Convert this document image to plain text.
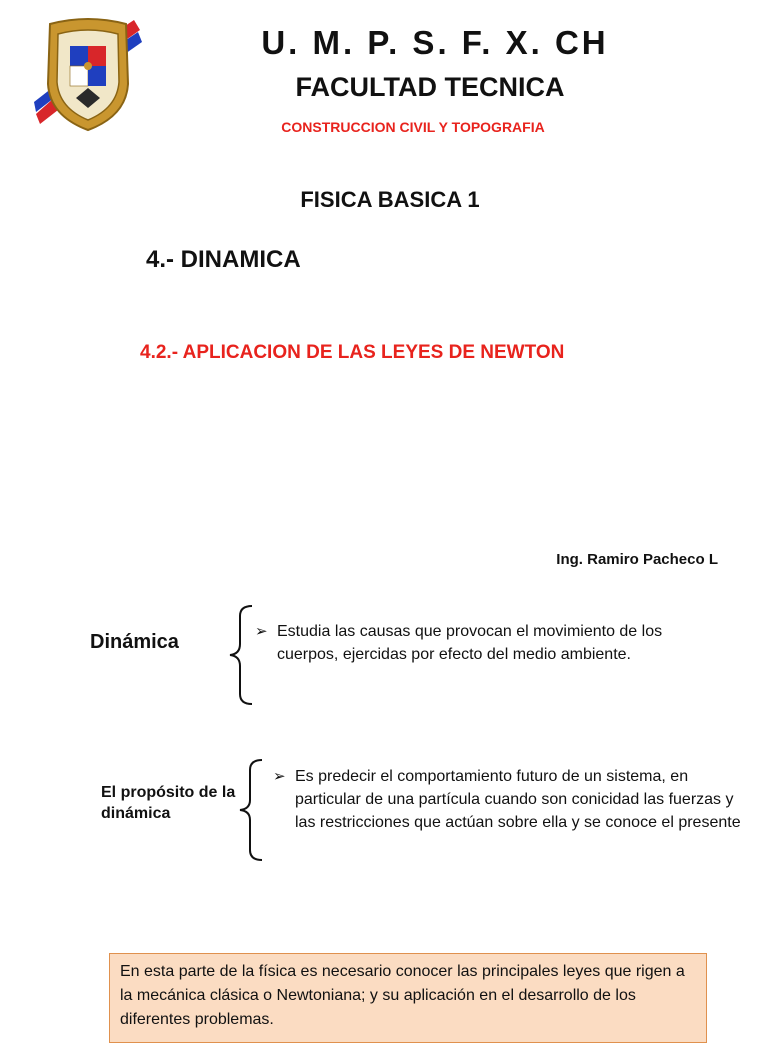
U. M. P. S. F. X. CH
FACULTAD TECNICA
CONSTRUCCION CIVIL Y TOPOGRAFIA
FISICA BASICA 1
4.- DINAMICA
4.2.- APLICACION DE LAS LEYES DE NEWTON
Ing. Ramiro Pacheco L
Dinámica	➢ Estudia las causas que provocan el movimiento de los cuerpos, ejercidas por efecto del medio ambiente.
El propósito de la dinámica
➢ Es predecir el comportamiento futuro de un sistema, en particular de una partícula cuando son conicidad las fuerzas y las restricciones que actúan sobre ella y se conoce el presente
En esta parte de la física es necesario conocer las principales leyes que rigen a la mecánica clásica o Newtoniana; y su aplicación en el desarrollo de los diferentes problemas.
